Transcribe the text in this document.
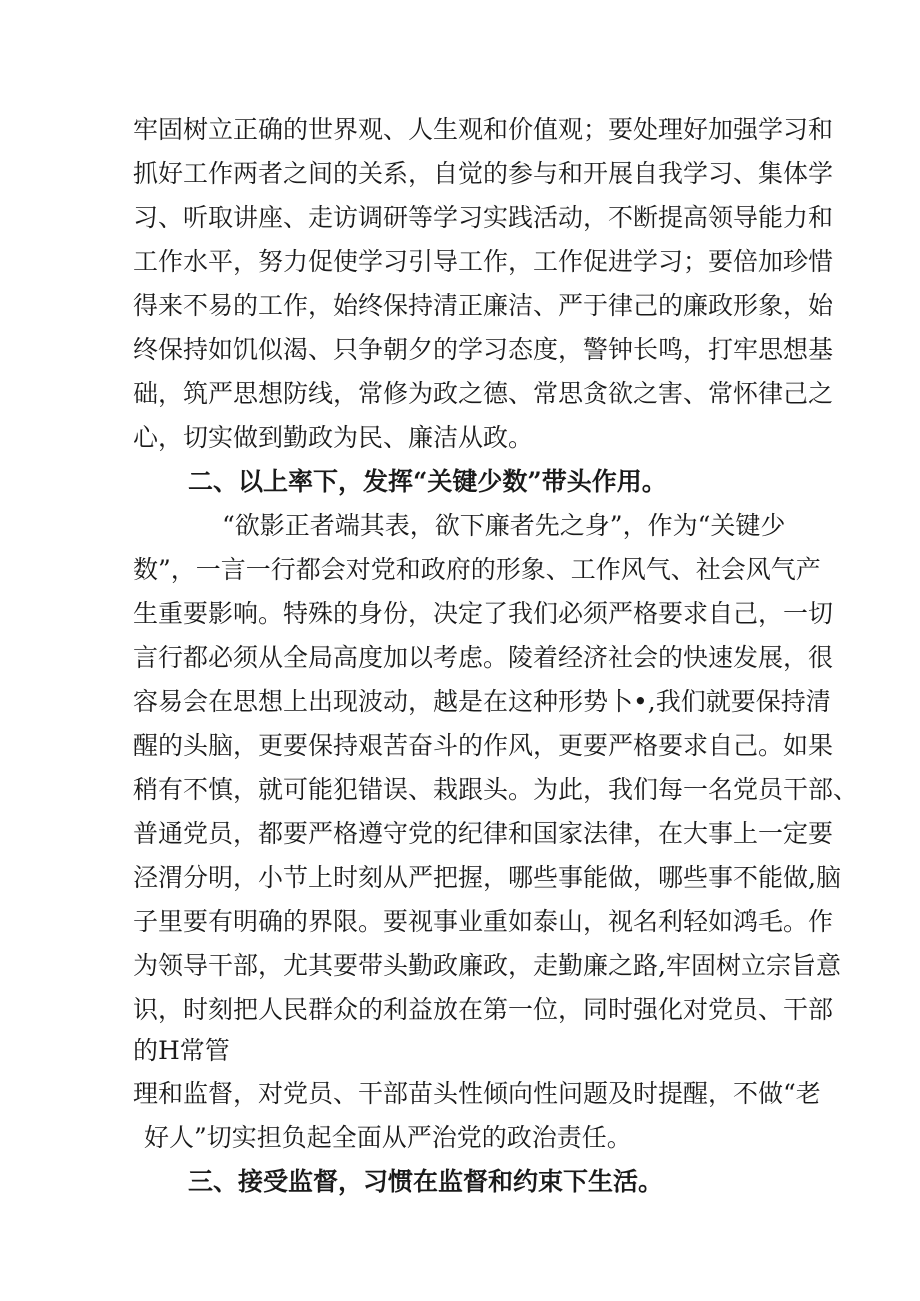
牢固树立正确的世界观、人生观和价值观；要处理好加强学习和
抓好工作两者之间的关系，自觉的参与和开展自我学习、集体学
习、听取讲座、走访调研等学习实践活动，不断提高领导能力和
工作水平，努力促使学习引导工作，工作促进学习；要倍加珍惜
得来不易的工作，始终保持清正廉洁、严于律己的廉政形象，始
终保持如饥似渴、只争朝夕的学习态度，警钟长鸣，打牢思想基
础，筑严思想防线，常修为政之德、常思贪欲之害、常怀律己之
心，切实做到勤政为民、廉洁从政。
二、以上率下，发挥“关键少数”带头作用。
“欲影正者端其表，欲下廉者先之身”，作为“关键少
数”，一言一行都会对党和政府的形象、工作风气、社会风气产
生重要影响。特殊的身份，决定了我们必须严格要求自己，一切
言行都必须从全局高度加以考虑。陵着经济社会的快速发展，很
容易会在思想上出现波动，越是在这种形势卜•,我们就要保持清
醒的头脑，更要保持艰苦奋斗的作风，更要严格要求自己。如果
稍有不慎，就可能犯错误、栽跟头。为此，我们每一名党员干部、
普通党员，都要严格遵守党的纪律和国家法律，在大事上一定要
泾渭分明，小节上时刻从严把握，哪些事能做，哪些事不能做,脑
子里要有明确的界限。要视事业重如泰山，视名利轻如鸿毛。作
为领导干部，尤其要带头勤政廉政，走勤廉之路,牢固树立宗旨意
识，时刻把人民群众的利益放在第一位，同时强化对党员、干部
的H常管
理和监督，对党员、干部苗头性倾向性问题及时提醒，不做“老
好人”切实担负起全面从严治党的政治责任。
三、接受监督，习惯在监督和约束下生活。
